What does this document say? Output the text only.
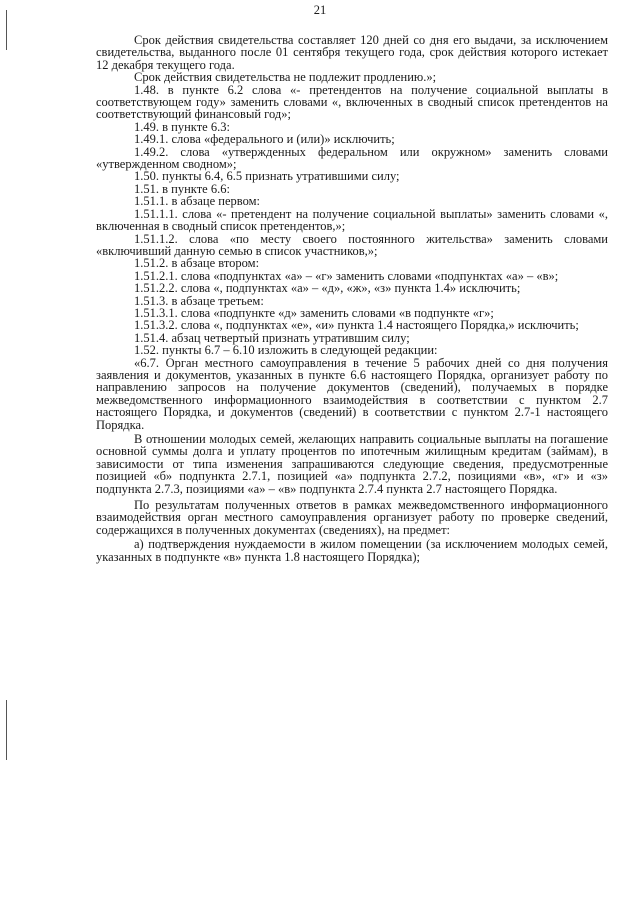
21

Срок действия свидетельства составляет 120 дней со дня его выдачи, за исключением свидетельства, выданного после 01 сентября текущего года, срок действия которого истекает 12 декабря текущего года.

Срок действия свидетельства не подлежит продлению.»;

1.48. в пункте 6.2 слова «- претендентов на получение социальной выплаты в соответствующем году» заменить словами «, включенных в сводный список претендентов на соответствующий финансовый год»;

1.49. в пункте 6.3:

1.49.1. слова «федерального и (или)» исключить;

1.49.2. слова «утвержденных федеральном или окружном» заменить словами «утвержденном сводном»;

1.50. пункты 6.4, 6.5 признать утратившими силу;

1.51. в пункте 6.6:

1.51.1. в абзаце первом:

1.51.1.1. слова «- претендент на получение социальной выплаты» заменить словами «, включенная в сводный список претендентов,»;

1.51.1.2. слова «по месту своего постоянного жительства» заменить словами «включивший данную семью в список участников,»;

1.51.2. в абзаце втором:

1.51.2.1. слова «подпунктах «а» – «г» заменить словами «подпунктах «а» – «в»;

1.51.2.2. слова «, подпунктах «а» – «д», «ж», «з» пункта 1.4» исключить;

1.51.3. в абзаце третьем:

1.51.3.1. слова «подпункте «д» заменить словами «в подпункте «г»;

1.51.3.2. слова «, подпунктах «е», «и» пункта 1.4 настоящего Порядка,» исключить;

1.51.4. абзац четвертый признать утратившим силу;

1.52. пункты 6.7 – 6.10 изложить в следующей редакции:

«6.7. Орган местного самоуправления в течение 5 рабочих дней со дня получения заявления и документов, указанных в пункте 6.6 настоящего Порядка, организует работу по направлению запросов на получение документов (сведений), получаемых в порядке межведомственного информационного взаимодействия в соответствии с пунктом 2.7 настоящего Порядка, и документов (сведений) в соответствии с пунктом 2.7-1 настоящего Порядка.

В отношении молодых семей, желающих направить социальные выплаты на погашение основной суммы долга и уплату процентов по ипотечным жилищным кредитам (займам), в зависимости от типа изменения запрашиваются следующие сведения, предусмотренные позицией «б» подпункта 2.7.1, позицией «а» подпункта 2.7.2, позициями «в», «г» и «з» подпункта 2.7.3, позициями «а» – «в» подпункта 2.7.4 пункта 2.7 настоящего Порядка.

По результатам полученных ответов в рамках межведомственного информационного взаимодействия орган местного самоуправления организует работу по проверке сведений, содержащихся в полученных документах (сведениях), на предмет:

а) подтверждения нуждаемости в жилом помещении (за исключением молодых семей, указанных в подпункте «в» пункта 1.8 настоящего Порядка);
